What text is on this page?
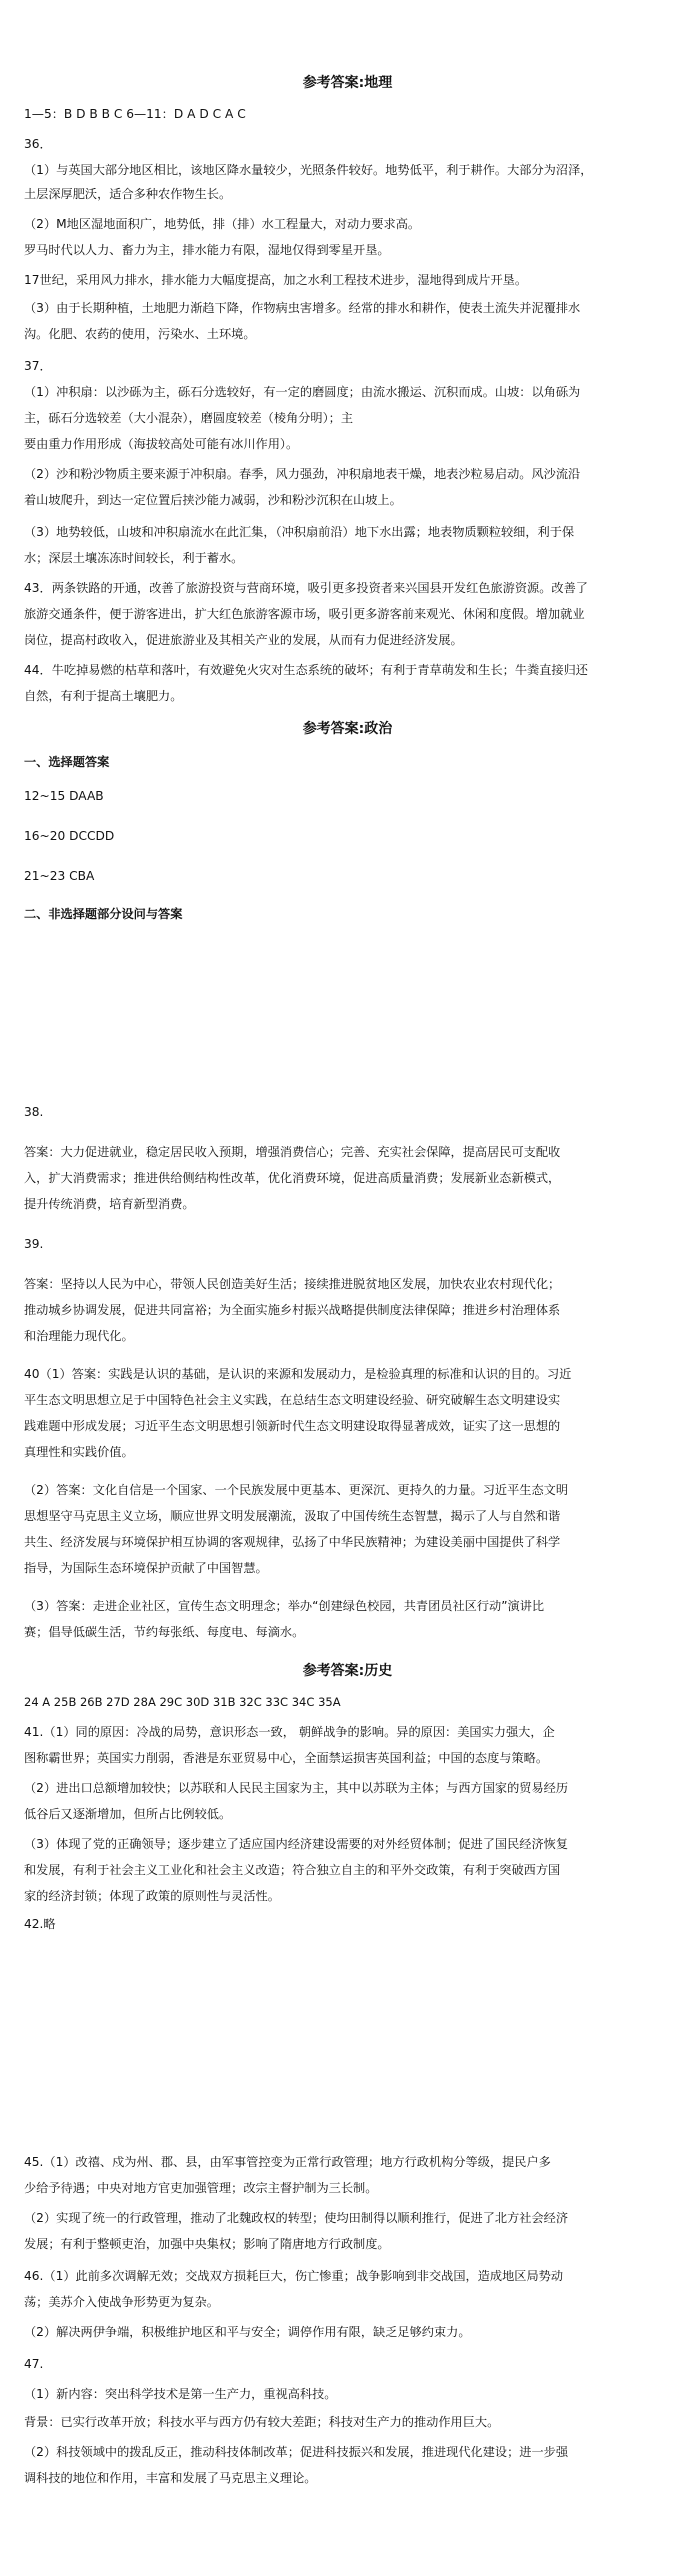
参考答案:地理
1—5：B D B B C 6—11：D A D C A C
36．
（1）与英国大部分地区相比，该地区降水量较少，光照条件较好。地势低平，利于耕作。大部分为沼泽，
土层深厚肥沃，适合多种农作物生长。
（2）M地区湿地面积广，地势低，排（排）水工程量大，对动力要求高。
罗马时代以人力、畜力为主，排水能力有限，湿地仅得到零星开垦。
17世纪，采用风力排水，排水能力大幅度提高，加之水利工程技术进步，湿地得到成片开垦。
（3）由于长期种植，土地肥力渐趋下降，作物病虫害增多。经常的排水和耕作，使表土流失并泥覆排水
沟。化肥、农药的使用，污染水、土环境。
37．
（1）冲积扇：以沙砾为主，砾石分选较好，有一定的磨圆度；由流水搬运、沉积而成。山坡：以角砾为
主，砾石分选较差（大小混杂），磨圆度较差（棱角分明）；主
要由重力作用形成（海拔较高处可能有冰川作用）。
（2）沙和粉沙物质主要来源于冲积扇。春季，风力强劲，冲积扇地表干燥，地表沙粒易启动。风沙流沿
着山坡爬升，到达一定位置后挟沙能力减弱，沙和粉沙沉积在山坡上。
（3）地势较低，山坡和冲积扇流水在此汇集，（冲积扇前沿）地下水出露；地表物质颗粒较细，利于保
水；深层土壤冻冻时间较长，利于蓄水。
43．两条铁路的开通，改善了旅游投资与营商环境，吸引更多投资者来兴国县开发红色旅游资源。改善了
旅游交通条件，便于游客进出，扩大红色旅游客源市场，吸引更多游客前来观光、休闲和度假。增加就业
岗位，提高村政收入，促进旅游业及其相关产业的发展，从而有力促进经济发展。
44．牛吃掉易燃的枯草和落叶，有效避免火灾对生态系统的破坏；有利于青草萌发和生长；牛粪直接归还
自然，有利于提高土壤肥力。
参考答案:政治
一、选择题答案
12~15 DAAB
16~20 DCCDD
21~23 CBA
二、非选择题部分设问与答案
38.
答案：大力促进就业，稳定居民收入预期，增强消费信心；完善、充实社会保障，提高居民可支配收
入，扩大消费需求；推进供给侧结构性改革，优化消费环境，促进高质量消费；发展新业态新模式，
提升传统消费，培育新型消费。
39.
答案：坚持以人民为中心，带领人民创造美好生活；接续推进脱贫地区发展，加快农业农村现代化；
推动城乡协调发展，促进共同富裕；为全面实施乡村振兴战略提供制度法律保障；推进乡村治理体系
和治理能力现代化。
40（1）答案：实践是认识的基础，是认识的来源和发展动力，是检验真理的标准和认识的目的。习近
平生态文明思想立足于中国特色社会主义实践，在总结生态文明建设经验、研究破解生态文明建设实
践难题中形成发展；习近平生态文明思想引领新时代生态文明建设取得显著成效，证实了这一思想的
真理性和实践价值。
（2）答案：文化自信是一个国家、一个民族发展中更基本、更深沉、更持久的力量。习近平生态文明
思想坚守马克思主义立场，顺应世界文明发展潮流，汲取了中国传统生态智慧，揭示了人与自然和谐
共生、经济发展与环境保护相互协调的客观规律，弘扬了中华民族精神；为建设美丽中国提供了科学
指导，为国际生态环境保护贡献了中国智慧。
（3）答案：走进企业社区，宣传生态文明理念；举办“创建绿色校园，共青团员社区行动”演讲比
赛；倡导低碳生活，节约每张纸、每度电、每滴水。
参考答案:历史
24 A 25B 26B 27D 28A 29C 30D 31B 32C 33C 34C 35A
41.（1）同的原因：冷战的局势，意识形态一致， 朝鲜战争的影响。异的原因：美国实力强大，企
图称霸世界；英国实力削弱，香港是东亚贸易中心，全面禁运损害英国利益；中国的态度与策略。
（2）进出口总额增加较快；以苏联和人民民主国家为主，其中以苏联为主体；与西方国家的贸易经历
低谷后又逐渐增加，但所占比例较低。
（3）体现了党的正确领导；逐步建立了适应国内经济建设需要的对外经贸体制；促进了国民经济恢复
和发展，有利于社会主义工业化和社会主义改造；符合独立自主的和平外交政策，有利于突破西方国
家的经济封锁；体现了政策的原则性与灵活性。
42.略
45.（1）改禧、戍为州、郡、县，由军事管控变为正常行政管理；地方行政机构分等级，提民户多
少给予待遇；中央对地方官吏加强管理；改宗主督护制为三长制。
（2）实现了统一的行政管理，推动了北魏政权的转型；使均田制得以顺利推行，促进了北方社会经济
发展；有利于整顿吏治，加强中央集权；影响了隋唐地方行政制度。
46.（1）此前多次调解无效；交战双方损耗巨大，伤亡惨重；战争影响到非交战国，造成地区局势动
荡；美苏介入使战争形势更为复杂。
（2）解决两伊争端，积极维护地区和平与安全；调停作用有限，缺乏足够约束力。
47.
（1）新内容：突出科学技术是第一生产力，重视高科技。
背景：已实行改革开放；科技水平与西方仍有较大差距；科技对生产力的推动作用巨大。
（2）科技领域中的拨乱反正，推动科技体制改革；促进科技振兴和发展，推进现代化建设；进一步强
调科技的地位和作用，丰富和发展了马克思主义理论。
